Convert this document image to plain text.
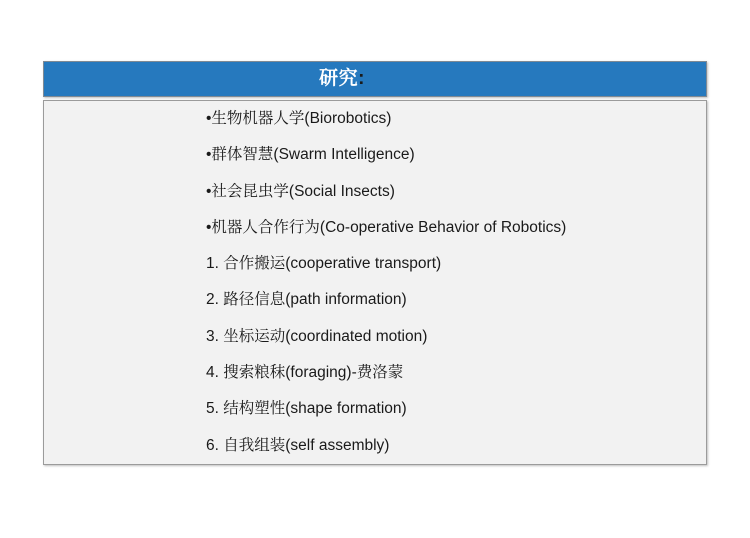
研究:
•生物机器人学(Biorobotics)
•群体智慧(Swarm Intelligence)
•社会昆虫学(Social Insects)
•机器人合作行为(Co-operative Behavior of Robotics)
1. 合作搬运(cooperative transport)
2. 路径信息(path information)
3. 坐标运动(coordinated motion)
4. 搜索粮秣(foraging)-费洛蒙
5. 结构塑性(shape formation)
6. 自我组装(self assembly)
